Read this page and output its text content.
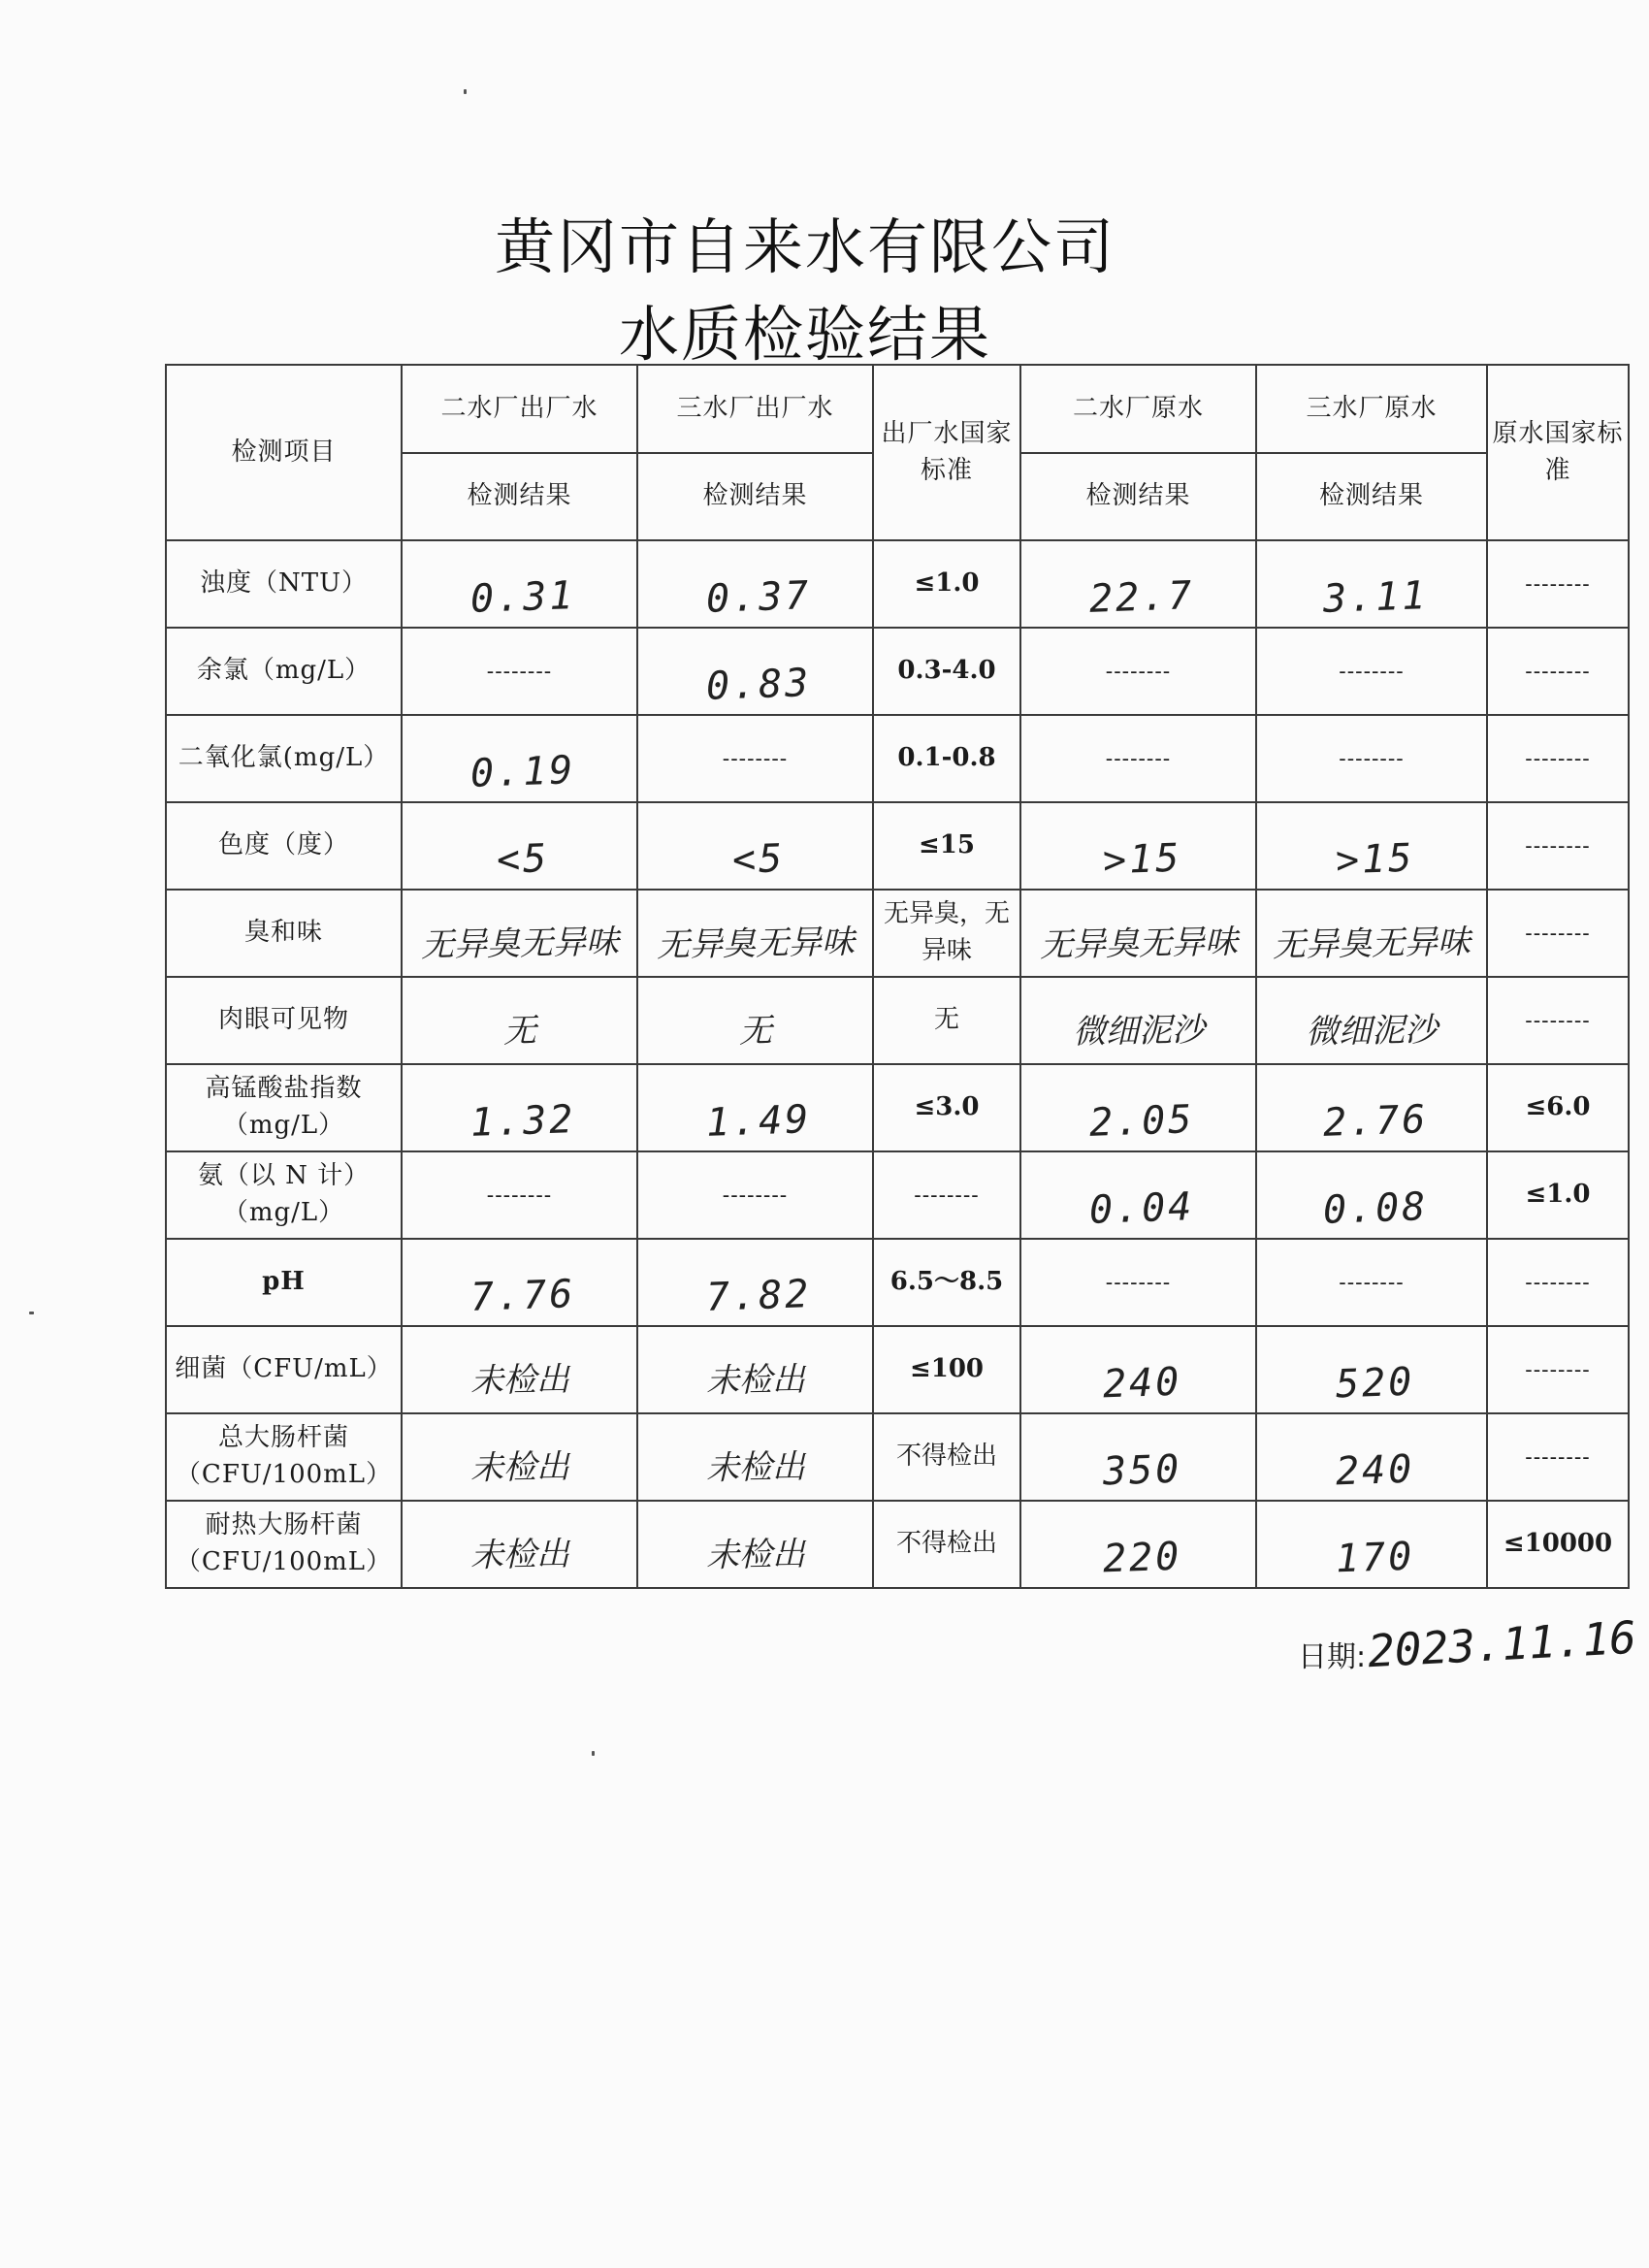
黄冈市自来水有限公司
水质检验结果
检测项目	二水厂出厂水	三水厂出厂水	出厂水国家标准	二水厂原水	三水厂原水	原水国家标准
	检测结果	检测结果		检测结果	检测结果	
浊度（NTU）	0.31	0.37	≤1.0	22.7	3.11	--------
余氯（mg/L）	--------	0.83	0.3-4.0	--------	--------	--------
二氧化氯(mg/L）	0.19	--------	0.1-0.8	--------	--------	--------
色度（度）	<5	<5	≤15	>15	>15	--------
臭和味	无异臭无异味	无异臭无异味	无异臭，无异味	无异臭无异味	无异臭无异味	--------
肉眼可见物	无	无	无	微细泥沙	微细泥沙	--------
高锰酸盐指数（mg/L）	1.32	1.49	≤3.0	2.05	2.76	≤6.0
氨（以 N 计）（mg/L）	--------	--------	--------	0.04	0.08	≤1.0
pH	7.76	7.82	6.5～8.5	--------	--------	--------
细菌（CFU/mL）	未检出	未检出	≤100	240	520	--------
总大肠杆菌（CFU/100mL）	未检出	未检出	不得检出	350	240	--------
耐热大肠杆菌（CFU/100mL）	未检出	未检出	不得检出	220	170	≤10000
日期: 2023.11.16
